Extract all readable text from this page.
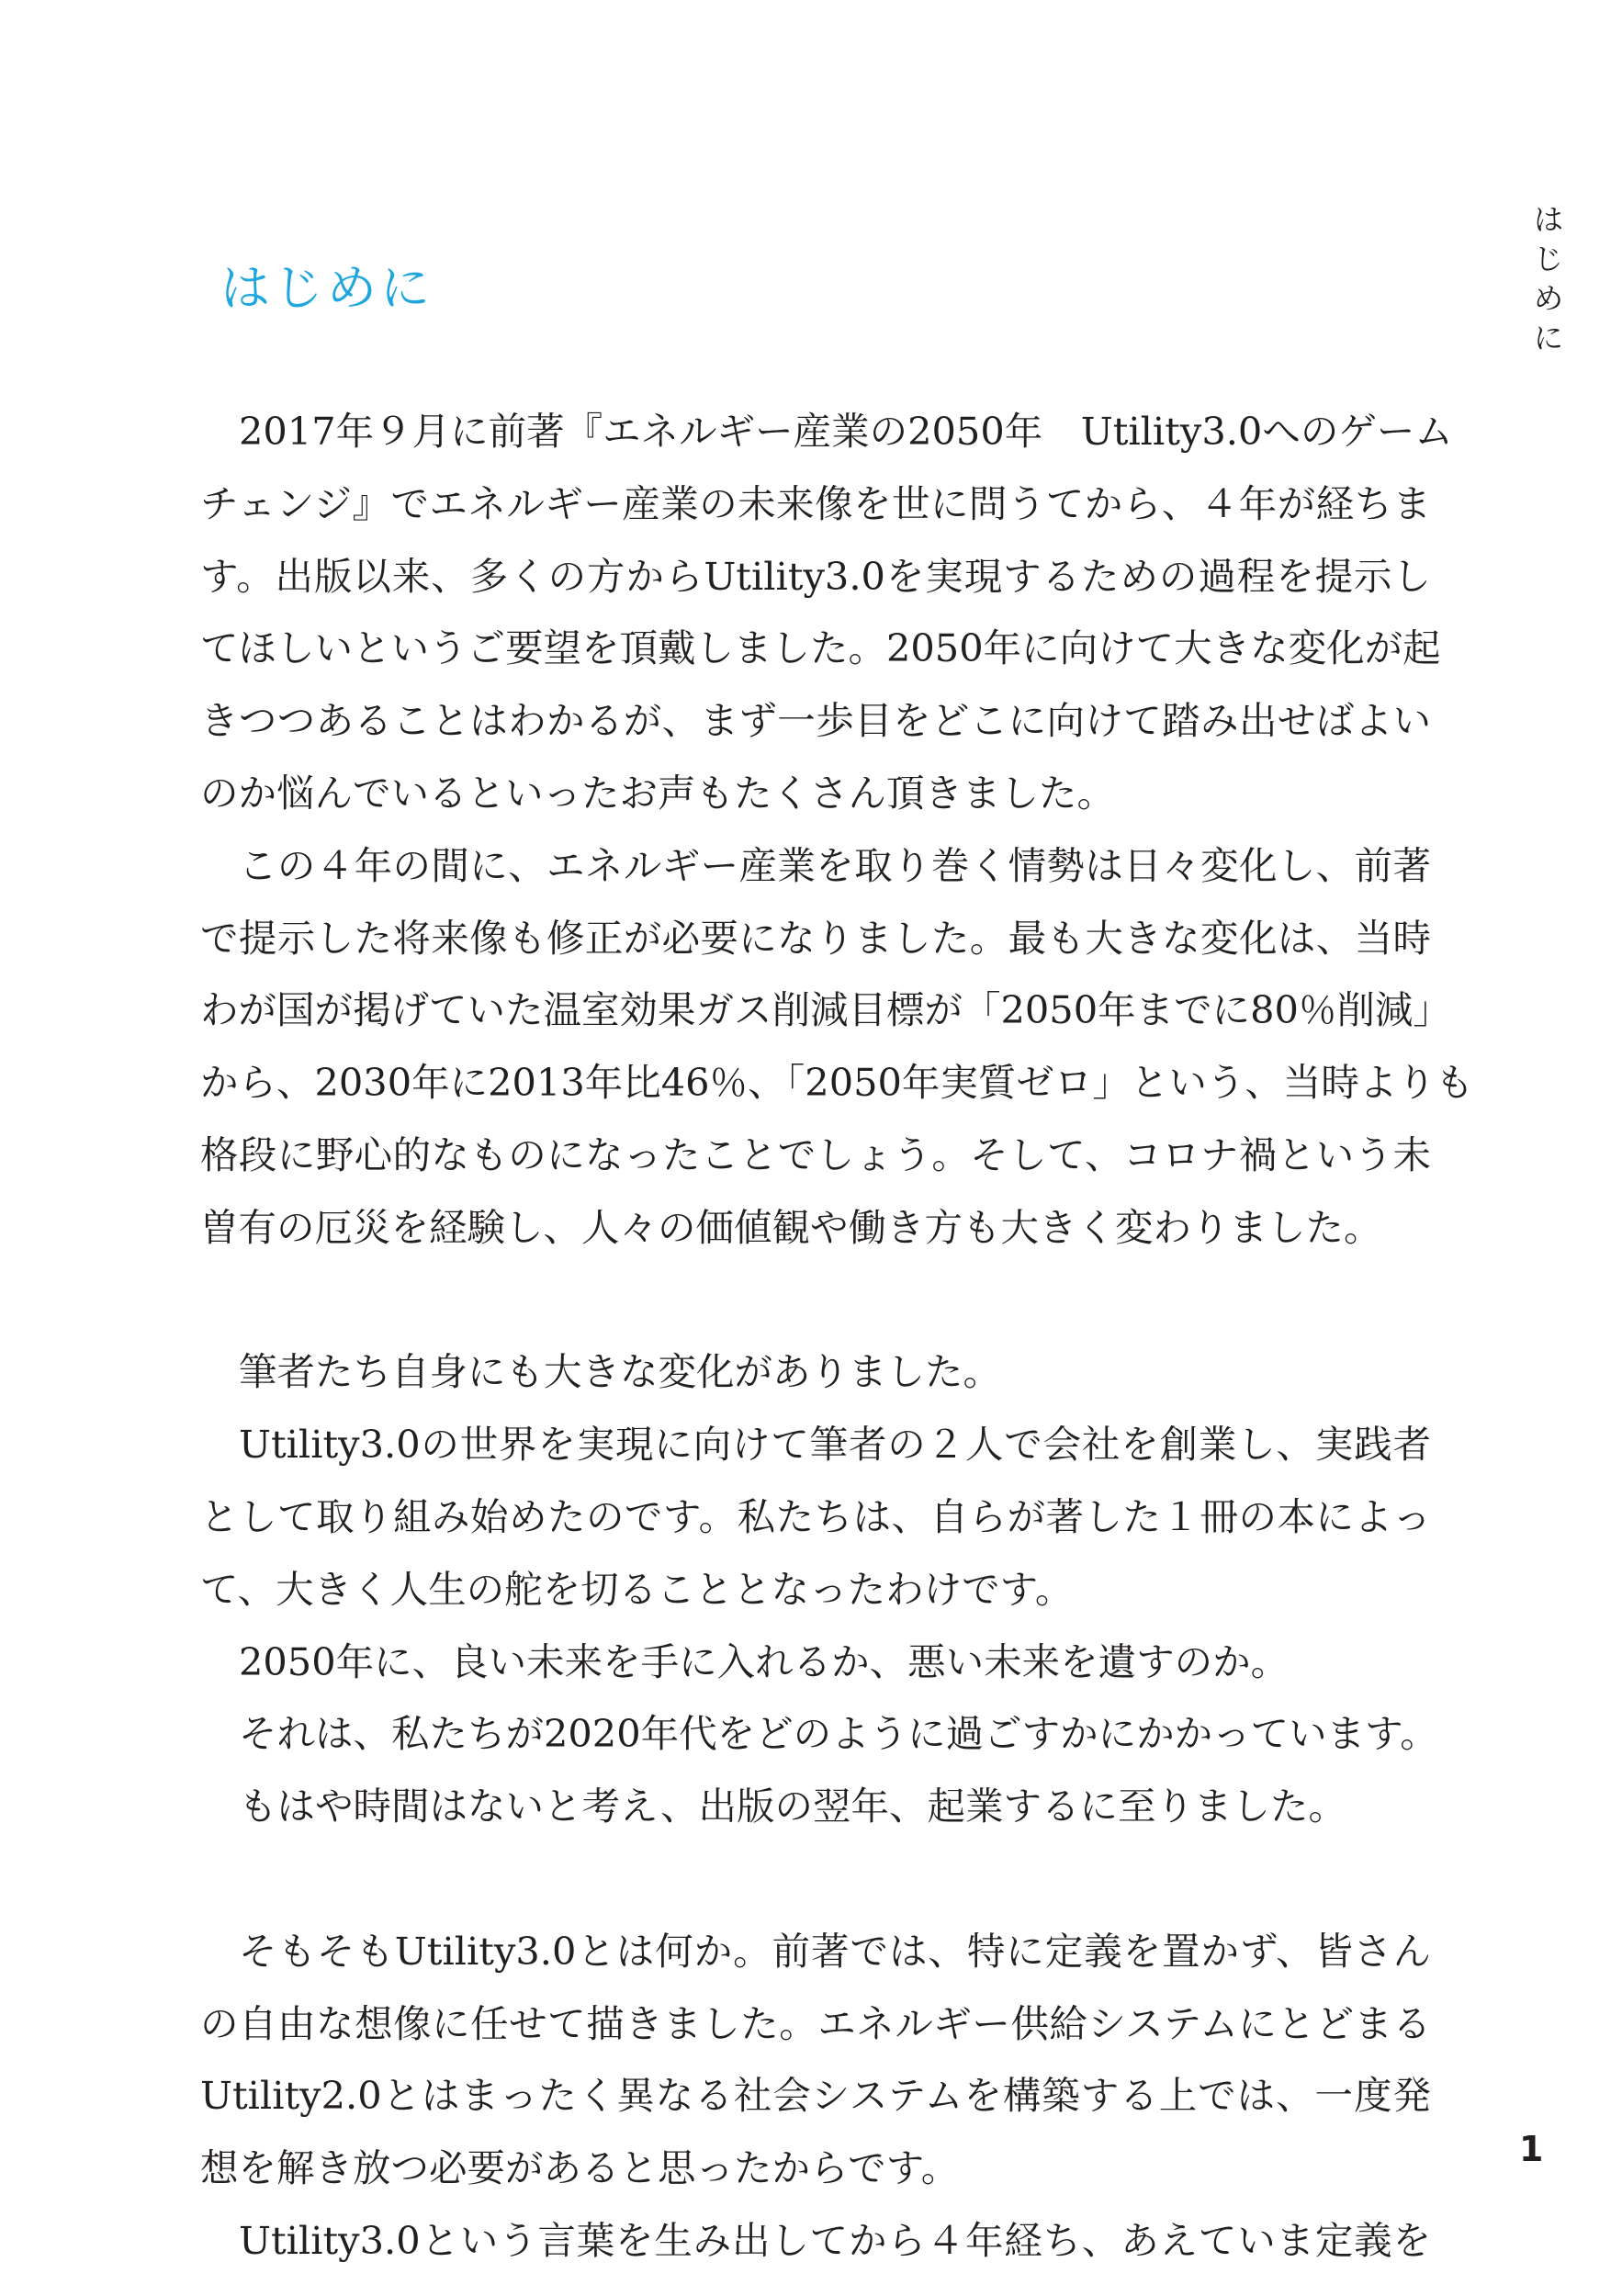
は
じ
め
に
はじめに
2017年９月に前著『エネルギー産業の2050年　Utility3.0へのゲーム
チェンジ』でエネルギー産業の未来像を世に問うてから、４年が経ちま
す。出版以来、多くの方からUtility3.0を実現するための過程を提示し
てほしいというご要望を頂戴しました。2050年に向けて大きな変化が起
きつつあることはわかるが、まず一歩目をどこに向けて踏み出せばよい
のか悩んでいるといったお声もたくさん頂きました。
この４年の間に、エネルギー産業を取り巻く情勢は日々変化し、前著
で提示した将来像も修正が必要になりました。最も大きな変化は、当時
わが国が掲げていた温室効果ガス削減目標が「2050年までに80％削減」
から、2030年に2013年比46％、「2050年実質ゼロ」という、当時よりも
格段に野心的なものになったことでしょう。そして、コロナ禍という未
曽有の厄災を経験し、人々の価値観や働き方も大きく変わりました。
筆者たち自身にも大きな変化がありました。
Utility3.0の世界を実現に向けて筆者の２人で会社を創業し、実践者
として取り組み始めたのです。私たちは、自らが著した１冊の本によっ
て、大きく人生の舵を切ることとなったわけです。
2050年に、良い未来を手に入れるか、悪い未来を遺すのか。
それは、私たちが2020年代をどのように過ごすかにかかっています。
もはや時間はないと考え、出版の翌年、起業するに至りました。
そもそもUtility3.0とは何か。前著では、特に定義を置かず、皆さん
の自由な想像に任せて描きました。エネルギー供給システムにとどまる
Utility2.0とはまったく異なる社会システムを構築する上では、一度発
想を解き放つ必要があると思ったからです。
Utility3.0という言葉を生み出してから４年経ち、あえていま定義を
1
